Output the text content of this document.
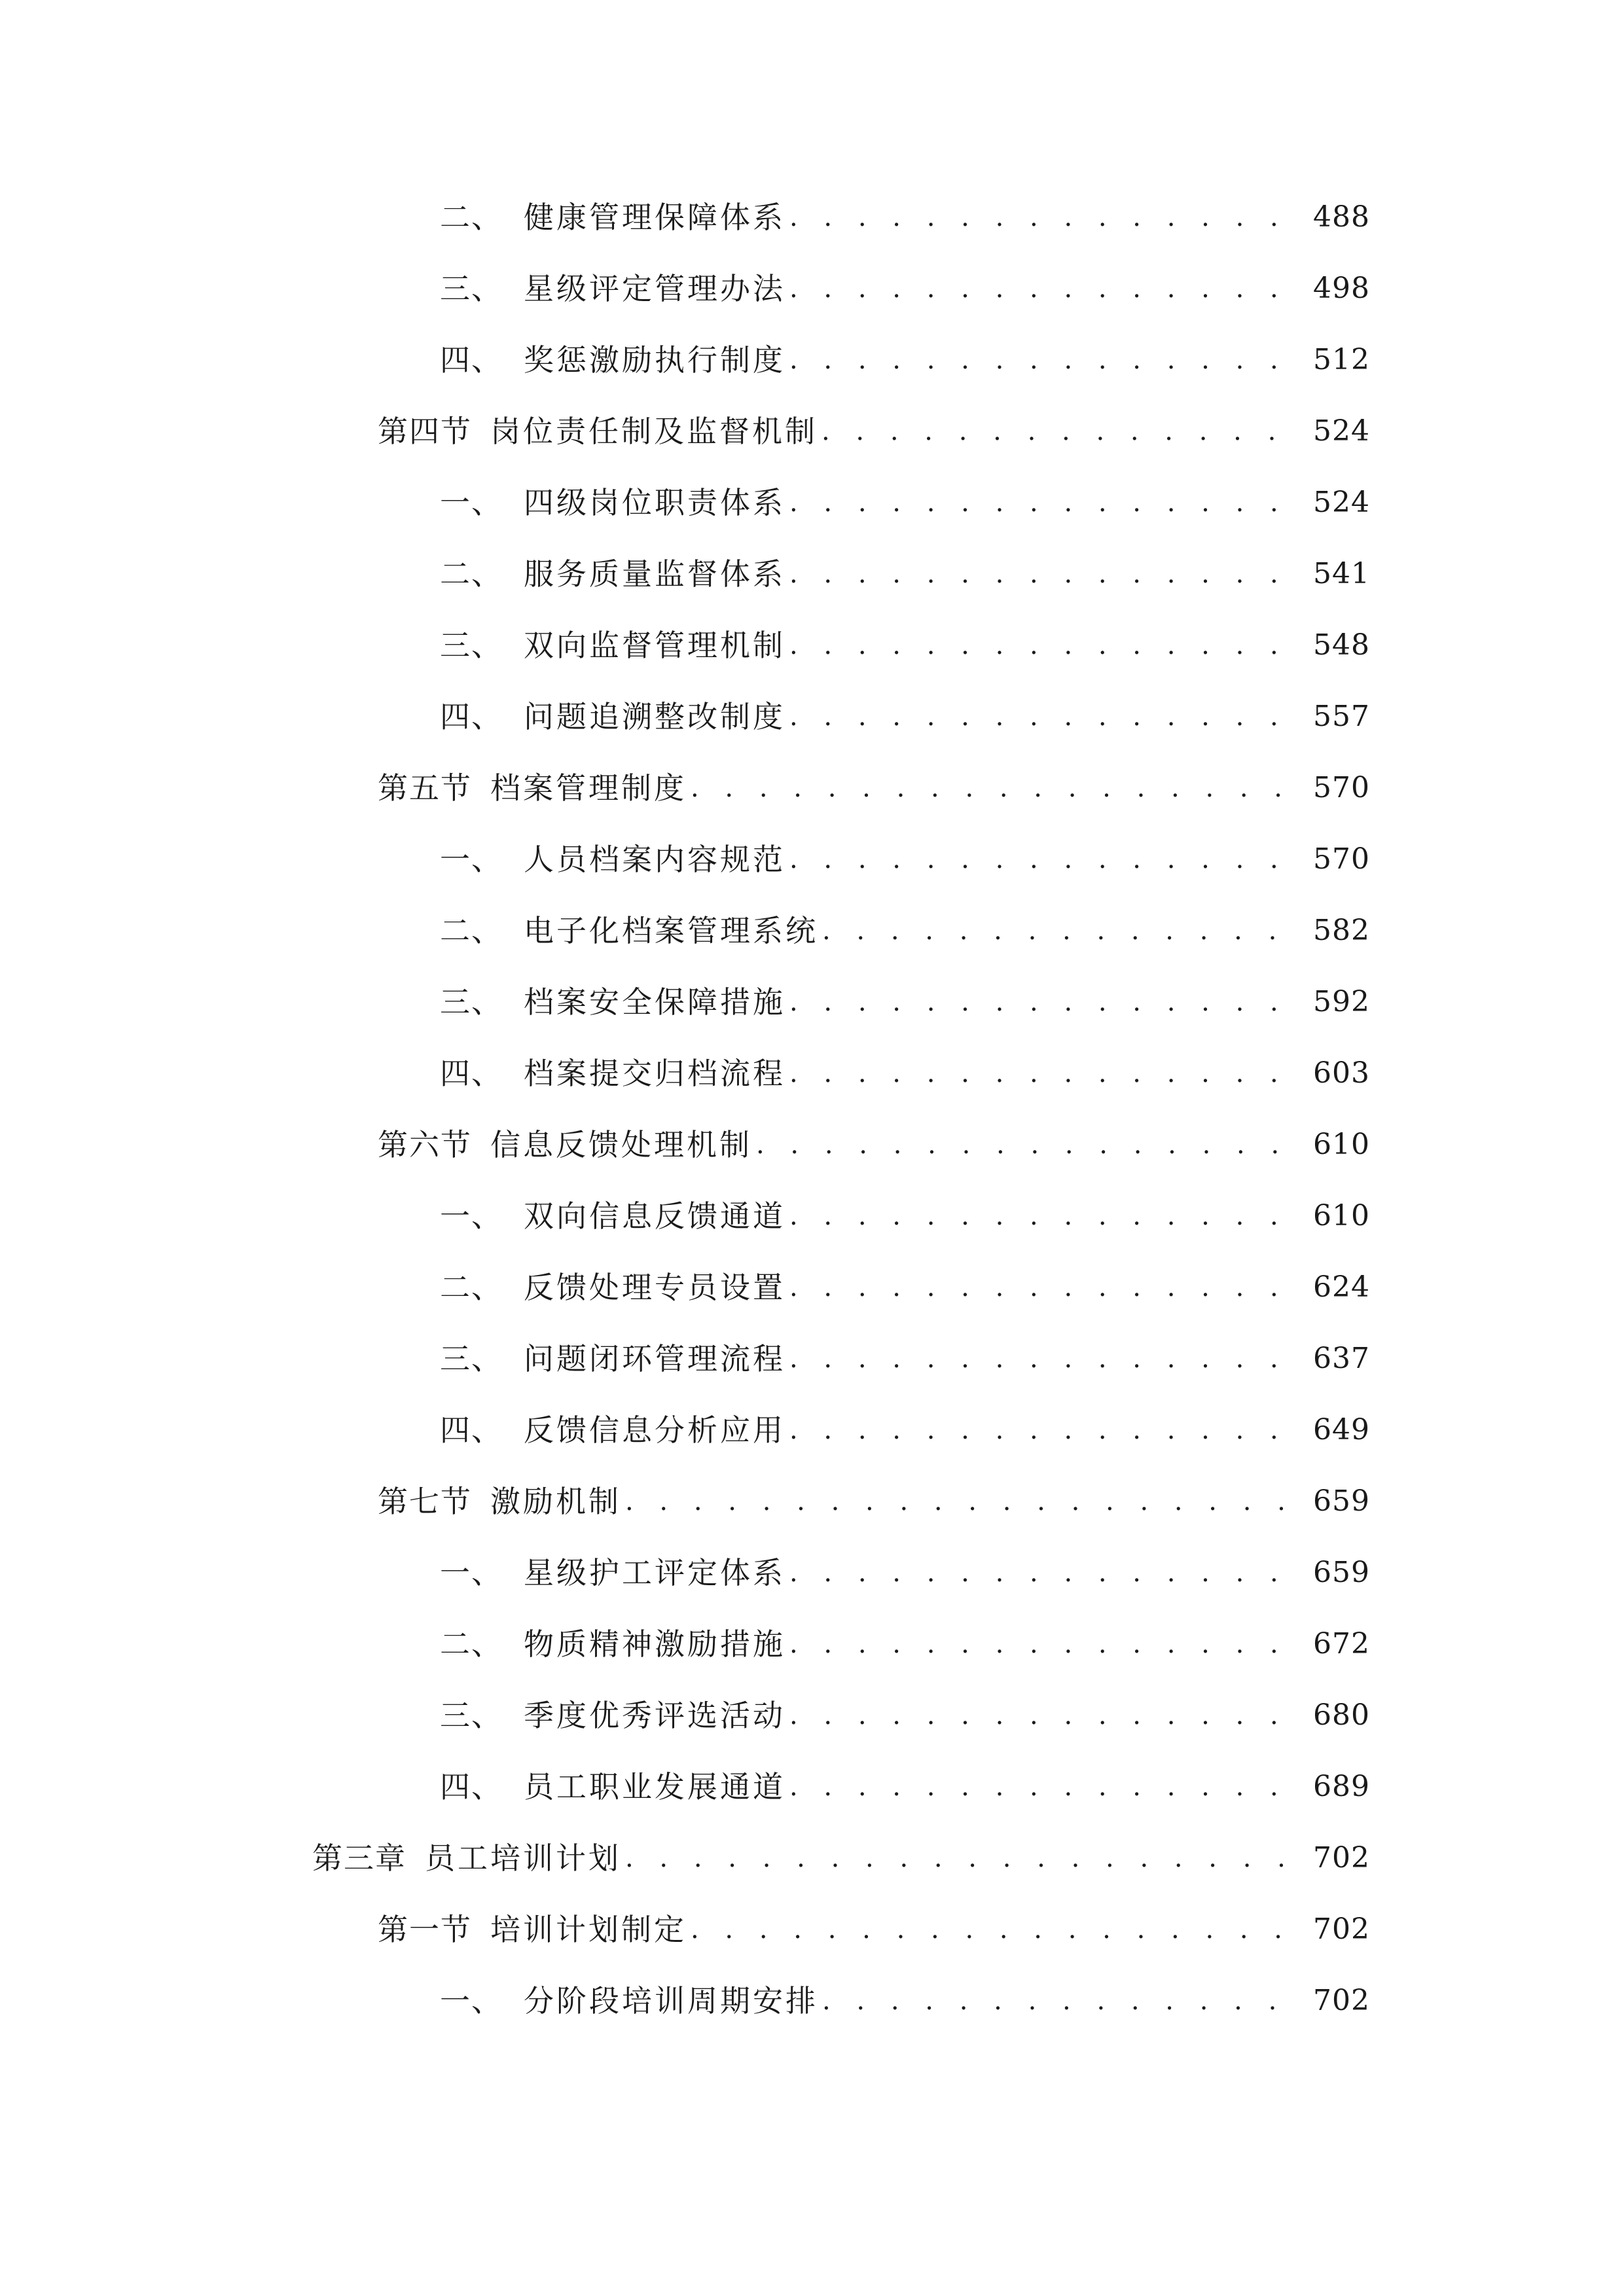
二、 健康管理保障体系 . . .	488
三、 星级评定管理办法 . . .	498
四、 奖惩激励执行制度 . . .	512
第四节 岗位责任制及监督机制 . . .	524
一、 四级岗位职责体系 . . .	524
二、 服务质量监督体系 . . .	541
三、 双向监督管理机制 . . .	548
四、 问题追溯整改制度 . . .	557
第五节 档案管理制度 . . .	570
一、 人员档案内容规范 . . .	570
二、 电子化档案管理系统 . . .	582
三、 档案安全保障措施 . . .	592
四、 档案提交归档流程 . . .	603
第六节 信息反馈处理机制 . . .	610
一、 双向信息反馈通道 . . .	610
二、 反馈处理专员设置 . . .	624
三、 问题闭环管理流程 . . .	637
四、 反馈信息分析应用 . . .	649
第七节 激励机制 . . .	659
一、 星级护工评定体系 . . .	659
二、 物质精神激励措施 . . .	672
三、 季度优秀评选活动 . . .	680
四、 员工职业发展通道 . . .	689
第三章 员工培训计划 . . .	702
第一节 培训计划制定 . . .	702
一、 分阶段培训周期安排 . . .	702
